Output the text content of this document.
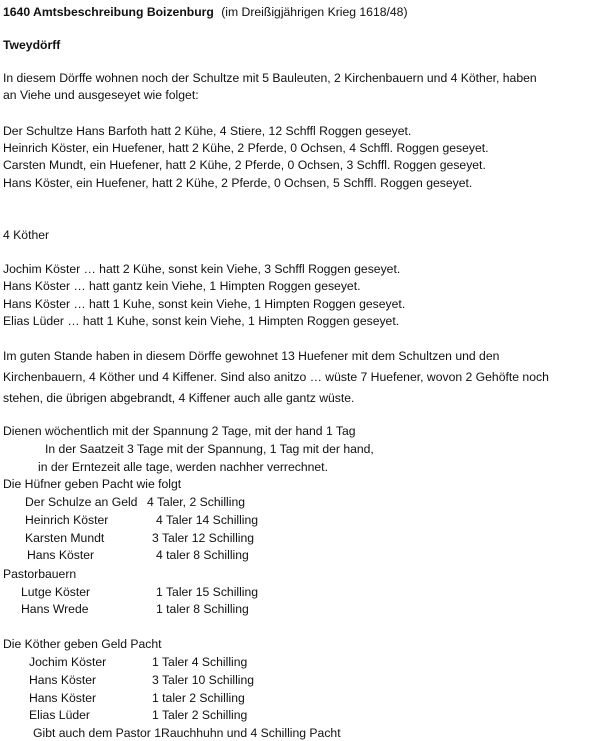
1640 Amtsbeschreibung Boizenburg (im Dreißigjährigen Krieg 1618/48)
Tweydörff
In diesem Dörffe wohnen noch der Schultze mit 5 Bauleuten, 2 Kirchenbauern und 4 Köther, haben
an Viehe und ausgeseyet wie folget:
Der Schultze Hans Barfoth hatt 2 Kühe, 4 Stiere, 12 Schffl Roggen geseyet.
Heinrich Köster, ein Huefener, hatt 2 Kühe, 2 Pferde, 0 Ochsen, 4 Schffl. Roggen geseyet.
Carsten Mundt, ein Huefener, hatt 2 Kühe, 2 Pferde, 0 Ochsen, 3 Schffl. Roggen geseyet.
Hans Köster, ein Huefener, hatt 2 Kühe, 2 Pferde, 0 Ochsen, 5 Schffl. Roggen geseyet.
4 Köther
Jochim Köster … hatt 2 Kühe, sonst kein Viehe, 3 Schffl Roggen geseyet.
Hans Köster … hatt gantz kein Viehe, 1 Himpten Roggen geseyet.
Hans Köster … hatt 1 Kuhe, sonst kein Viehe, 1 Himpten Roggen geseyet.
Elias Lüder … hatt 1 Kuhe, sonst kein Viehe, 1 Himpten Roggen geseyet.
Im guten Stande haben in diesem Dörffe gewohnet 13 Huefener mit dem Schultzen und den
Kirchenbauern, 4 Köther und 4 Kiffener. Sind also anitzo … wüste 7 Huefener, wovon 2 Gehöfte noch
stehen, die übrigen abgebrandt, 4 Kiffener auch alle gantz wüste.
Dienen wöchentlich mit der Spannung 2 Tage, mit der hand 1 Tag
In der Saatzeit 3 Tage mit der Spannung, 1 Tag mit der hand,
in der Erntezeit alle tage, werden nachher verrechnet.
Die Hüfner geben Pacht wie folgt
Der Schulze an Geld 4 Taler, 2 Schilling
Heinrich Köster	4 Taler 14 Schilling
Karsten Mundt	3 Taler 12 Schilling
Hans Köster	4 taler 8 Schilling
Pastorbauern
Lutge Köster	1 Taler 15 Schilling
Hans Wrede	1 taler 8 Schilling
Die Köther geben Geld Pacht
Jochim Köster	1 Taler 4 Schilling
Hans Köster	3 Taler 10 Schilling
Hans Köster	1 taler 2 Schilling
Elias Lüder	1 Taler 2 Schilling
Gibt auch dem Pastor 1Rauchhuhn und 4 Schilling Pacht
